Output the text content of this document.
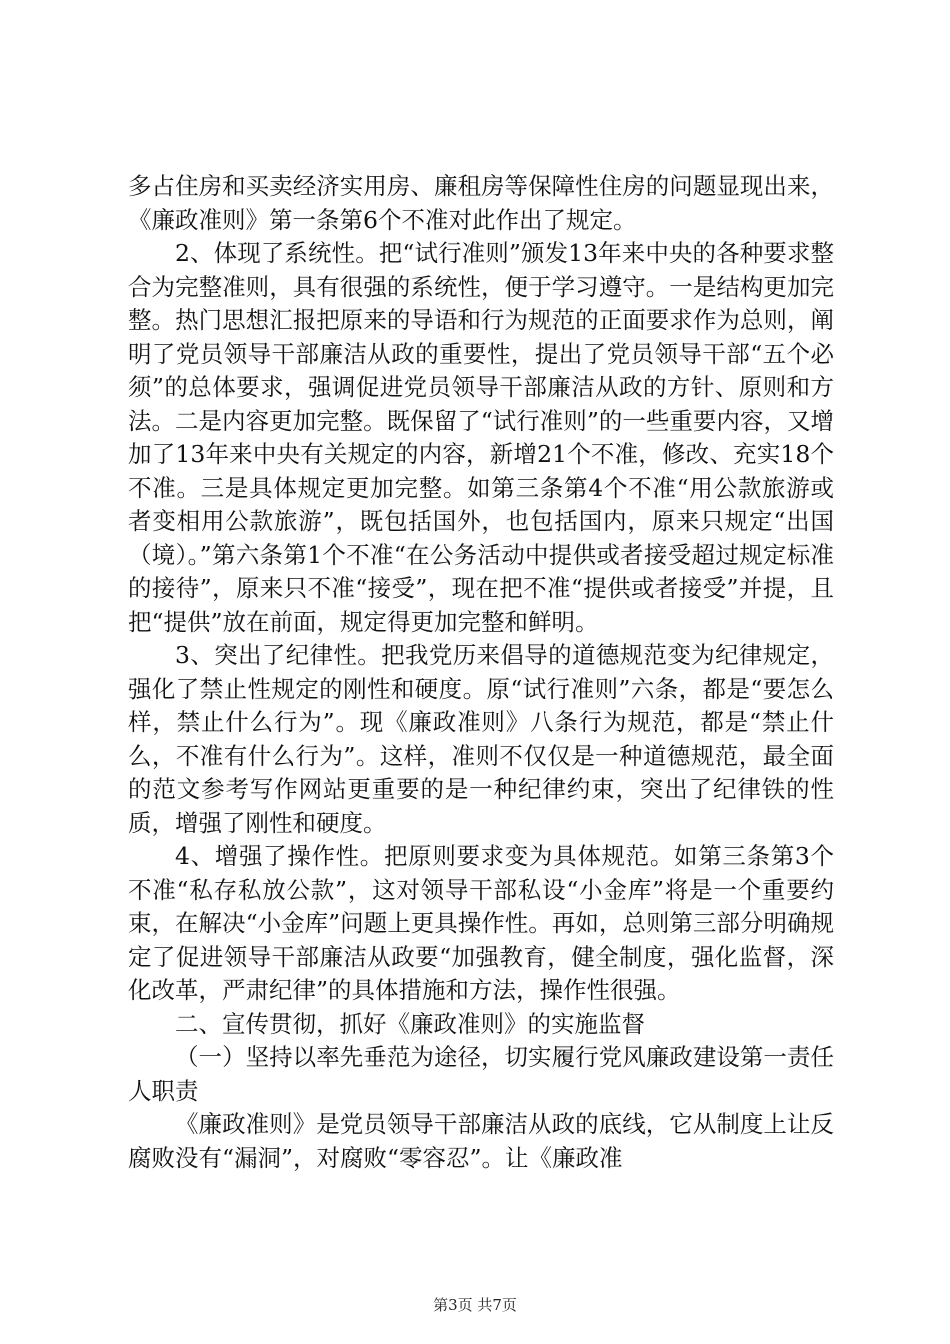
多占住房和买卖经济实用房、廉租房等保障性住房的问题显现出来，《廉政准则》第一条第6个不准对此作出了规定。

2、体现了系统性。把“试行准则”颁发13年来中央的各种要求整合为完整准则，具有很强的系统性，便于学习遵守。一是结构更加完整。热门思想汇报把原来的导语和行为规范的正面要求作为总则，阐明了党员领导干部廉洁从政的重要性，提出了党员领导干部“五个必须”的总体要求，强调促进党员领导干部廉洁从政的方针、原则和方法。二是内容更加完整。既保留了“试行准则”的一些重要内容，又增加了13年来中央有关规定的内容，新增21个不准，修改、充实18个不准。三是具体规定更加完整。如第三条第4个不准“用公款旅游或者变相用公款旅游”，既包括国外，也包括国内，原来只规定“出国（境）。”第六条第1个不准“在公务活动中提供或者接受超过规定标准的接待”，原来只不准“接受”，现在把不准“提供或者接受”并提，且把“提供”放在前面，规定得更加完整和鲜明。

3、突出了纪律性。把我党历来倡导的道德规范变为纪律规定，强化了禁止性规定的刚性和硬度。原“试行准则”六条，都是“要怎么样，禁止什么行为”。现《廉政准则》八条行为规范，都是“禁止什么，不准有什么行为”。这样，准则不仅仅是一种道德规范，最全面的范文参考写作网站更重要的是一种纪律约束，突出了纪律铁的性质，增强了刚性和硬度。

4、增强了操作性。把原则要求变为具体规范。如第三条第3个不准“私存私放公款”，这对领导干部私设“小金库”将是一个重要约束，在解决“小金库”问题上更具操作性。再如，总则第三部分明确规定了促进领导干部廉洁从政要“加强教育，健全制度，强化监督，深化改革，严肃纪律”的具体措施和方法，操作性很强。

二、宣传贯彻，抓好《廉政准则》的实施监督

（一）坚持以率先垂范为途径，切实履行党风廉政建设第一责任人职责

《廉政准则》是党员领导干部廉洁从政的底线，它从制度上让反腐败没有“漏洞”，对腐败“零容忍”。让《廉政准

第3页 共7页
